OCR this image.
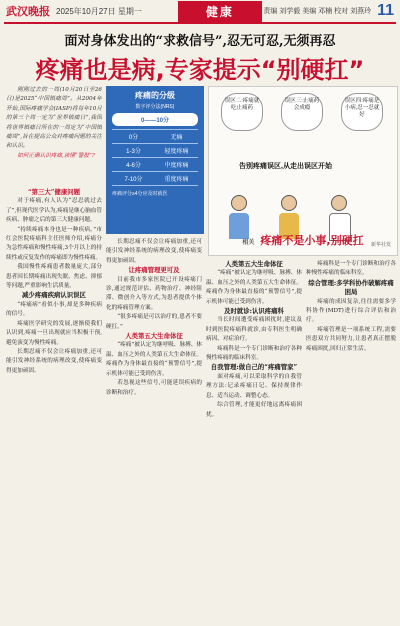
武汉晚报 2025年10月27日 星期一	健康	责编 刘学毅 美编 邓楠 校对 刘燕玲 11
面对身体发出的“求救信号”,忍无可忍,无须再忍
疼痛也是病,专家提示“别硬扛”

刚刚过去的一周(10月20日至26日)是2025“中国镇痛周”。从2004年开始,国际疼痛学会(IASP)将每年10月的第三个周一定为“世界镇痛日”,我国将世界镇痛日所在的一周定为“中国镇痛周”,旨在提高公众对疼痛问题的关注和认识。

如何正确认识疼痛,读懂“警报”?

“第三大”健康问题

对于疼痛,有人认为“忍忍就过去了”,但现代医学认为,疼痛是继心脑血管疾病、肿瘤之后的第三大健康问题。

“持续疼痛本身也是一种疾病。”市红会医院疼痛科主任医师介绍,疼痛分为急性疼痛和慢性疼痛,3个月以上的持续性或反复发作的疼痛即为慢性疼痛。

我国慢性疼痛患者数量庞大,部分患者因长期疼痛出现失眠、焦虑、抑郁等问题,严重影响生活质量。

减少疼痛疾病认识误区

“疼痛病”看似小事,却是多种疾病的信号。

疼痛医学研究的发展,逐渐使我们认识到,疼痛一旦出现就应当积极干预,避免演变为慢性疼痛。

长期忍痛不仅会让疼痛加重,还可能引发神经系统的病理改变,使疼痛变得更加顽固。

疼痛的分级
数字评分法(NRS)
0——10分
0分	无痛
1-3分	轻度疼痛
4-6分	中度疼痛
7-10分	重度疼痛
疼痛评分≥4分应及时就医

长期忍痛不仅会让疼痛加重,还可能引发神经系统的病理改变,使疼痛变得更加顽固。

让疼痛管理更可及

目前我市多家医院已开设疼痛门诊,通过规范评估、药物治疗、神经阻滞、微创介入等方式,为患者提供个体化的疼痛管理方案。

“很多疼痛是可以治疗的,患者不要硬扛。”

人类第五大生命体征

“疼痛”被认定为继呼吸、脉搏、体温、血压之外的人类第五大生命体征。疼痛作为身体最直接的“预警信号”,提示机体可能已受到伤害。

若忽视这些信号,可能延误疾病的诊断和治疗。

误区二:疼痛就吃止痛药
误区三:止痛药会成瘾
误区四:疼痛是小病,忍一忍就好
告别疼痛误区,从走出误区开始
新华社发
相关 疼痛不是小事,别硬扛

人类第五大生命体征

“疼痛”被认定为继呼吸、脉搏、体温、血压之外的人类第五大生命体征。疼痛作为身体最直接的“预警信号”,提示机体可能已受到伤害。

及时就诊:认识疼痛科

当长时间遭受疼痛困扰时,建议及时到医院疼痛科就诊,由专科医生明确病因、对症治疗。

疼痛科是一个专门诊断和治疗各种慢性疼痛的临床科室。

自我管理:做自己的“疼痛管家”

面对疼痛,可以采取科学的自我管理方法:记录疼痛日记、保持规律作息、适当运动、调整心态。

综合管理,才能更好地远离疼痛困扰。

疼痛科是一个专门诊断和治疗各种慢性疼痛的临床科室。

综合管理:多学科协作破解疼痛困局

疼痛的成因复杂,往往需要多学科协作(MDT)进行综合评估和治疗。

疼痛管理是一项系统工程,需要医患双方共同努力,让患者真正摆脱疼痛困扰,回归正常生活。
